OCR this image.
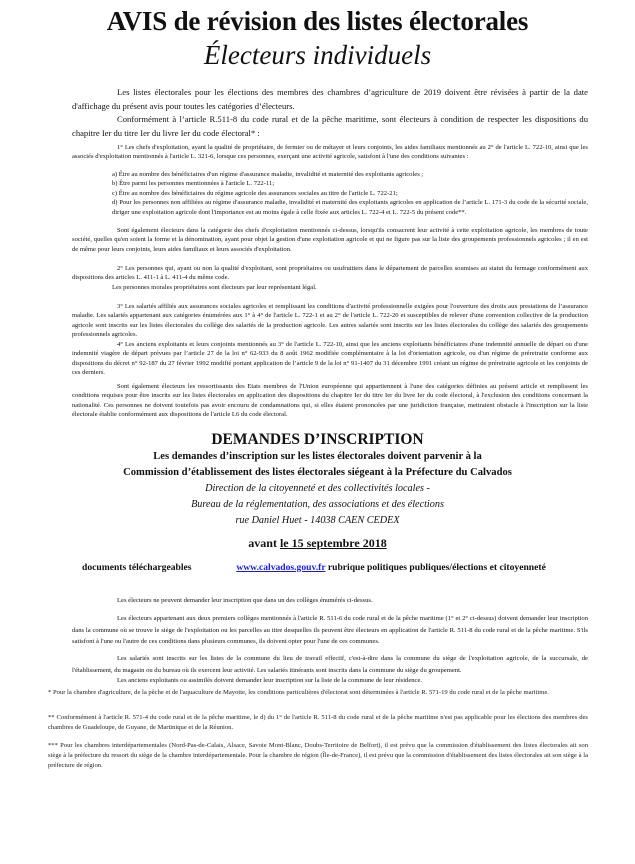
AVIS de révision des listes électorales
Électeurs individuels
Les listes électorales pour les élections des membres des chambres d’agriculture de 2019 doivent être révisées à partir de la date d'affichage du présent avis pour toutes les catégories d’électeurs.
Conformément à l’article R.511-8 du code rural et de la pêche maritime, sont électeurs à condition de respecter les dispositions du chapitre Ier du titre Ier du livre Ier du code électoral* :
1° Les chefs d'exploitation, ayant la qualité de propriétaire, de fermier ou de métayer et leurs conjoints, les aides familiaux mentionnés au 2° de l'article L. 722-10, ainsi que les associés d'exploitation mentionnés à l'article L. 321-6, lorsque ces personnes, exerçant une activité agricole, satisfont à l'une des conditions suivantes :
a) Être au nombre des bénéficiaires d'un régime d'assurance maladie, invalidité et maternité des exploitants agricoles ;
b) Être parmi les personnes mentionnées à l'article L. 722-11;
c) Être au nombre des bénéficiaires du régime agricole des assurances sociales au titre de l'article L. 722-21;
d) Pour les personnes non affiliées au régime d'assurance maladie, invalidité et maternité des exploitants agricoles en application de l’article L. 171-3 du code de la sécurité sociale, diriger une exploitation agricole dont l'importance est au moins égale à celle fixée aux articles L. 722-4 et L. 722-5 du présent code**.
Sont également électeurs dans la catégorie des chefs d'exploitation mentionnés ci-dessus, lorsqu'ils consacrent leur activité à cette exploitation agricole, les membres de toute société, quelles qu'en soient la forme et la dénomination, ayant pour objet la gestion d'une exploitation agricole et qui ne figure pas sur la liste des groupements professionnels agricoles ; il en est de même pour leurs conjoints, leurs aides familiaux et leurs associés d'exploitation.
2° Les personnes qui, ayant ou non la qualité d'exploitant, sont propriétaires ou usufruitiers dans le département de parcelles soumises au statut du fermage conformément aux dispositions des articles L. 411-1 à L. 411-4 du même code.
Les personnes morales propriétaires sont électeurs par leur représentant légal.
3° Les salariés affiliés aux assurances sociales agricoles et remplissant les conditions d'activité professionnelle exigées pour l'ouverture des droits aux prestations de l’assurance maladie. Les salariés appartenant aux catégories énumérées aux 1° à 4° de l'article L. 722-1 et au 2° de l'article L. 722-20 et susceptibles de relever d'une convention collective de la production agricole sont inscrits sur les listes électorales du collège des salariés de la production agricole. Les autres salariés sont inscrits sur les listes électorales du collège des salariés des groupements professionnels agricoles.
4° Les anciens exploitants et leurs conjoints mentionnés au 3° de l'article L. 722-10, ainsi que les anciens exploitants bénéficiaires d'une indemnité annuelle de départ ou d'une indemnité viagère de départ prévues par l’article 27 de la loi n° 62-933 du 8 août 1962 modifiée complémentaire à la loi d'orientation agricole, ou d'un régime de préretraite conforme aux dispositions du décret n° 92-187 du 27 février 1992 modifié portant application de l’article 9 de la loi n° 91-1407 du 31 décembre 1991 créant un régime de préretraite agricole et les conjoints de ces derniers.
Sont également électeurs les ressortissants des Etats membres de l'Union européenne qui appartiennent à l'une des catégories définies au présent article et remplissent les conditions requises pour être inscrits sur les listes électorales en application des dispositions du chapitre Ier du titre Ier du livre Ier du code électoral, à l'exclusion des conditions concernant la nationalité. Ces personnes ne doivent toutefois pas avoir encouru de condamnations qui, si elles étaient prononcées par une juridiction française, mettraient obstacle à l'inscription sur la liste électorale établie conformément aux dispositions de l'article L6 du code électoral.
DEMANDES D’INSCRIPTION
Les demandes d’inscription sur les listes électorales doivent parvenir à la
Commission d’établissement des listes électorales siégeant à la Préfecture du Calvados
Direction de la citoyenneté et des collectivités locales -
Bureau de la réglementation, des associations et des élections
rue Daniel Huet - 14038 CAEN CEDEX
avant le 15 septembre 2018
documents téléchargeables	www.calvados.gouv.fr rubrique politiques publiques/élections et citoyenneté
Les électeurs ne peuvent demander leur inscription que dans un des collèges énumérés ci-dessus.
Les électeurs appartenant aux deux premiers collèges mentionnés à l'article R. 511-6 du code rural et de la pêche maritime (1° et 2° ci-dessus) doivent demander leur inscription dans la commune où se trouve le siège de l'exploitation ou les parcelles au titre desquelles ils peuvent être électeurs en application de l'article R. 511-8 du code rural et de la pêche maritime. S'ils satisfont à l'une ou l'autre de ces conditions dans plusieurs communes, ils doivent opter pour l'une de ces communes.
Les salariés sont inscrits sur les listes de la commune du lieu de travail effectif, c'est-à-dire dans la commune du siège de l'exploitation agricole, de la succursale, de l'établissement, du magasin ou du bureau où ils exercent leur activité. Les salariés itinérants sont inscrits dans la commune du siège du groupement.
Les anciens exploitants ou assimilés doivent demander leur inscription sur la liste de la commune de leur résidence.
* Pour la chambre d'agriculture, de la pêche et de l'aquaculture de Mayotte, les conditions particulières d'électorat sont déterminées à l'article R. 571-19 du code rural et de la pêche maritime.
** Conformément à l'article R. 571-4 du code rural et de la pêche maritime, le d) du 1° de l'article R. 511-8 du code rural et de la pêche maritime n'est pas applicable pour les élections des membres des chambres de Guadeloupe, de Guyane, de Martinique et de la Réunion.
*** Pour les chambres interdépartementales (Nord-Pas-de-Calais, Alsace, Savoie Mont-Blanc, Doubs-Territoire de Belfort), il est prévu que la commission d'établissement des listes électorales ait son siège à la préfecture du ressort du siège de la chambre interdépartementale. Pour la chambre de région (Île-de-France), il est prévu que la commission d'établissement des listes électorales ait son siège à la préfecture de région.
